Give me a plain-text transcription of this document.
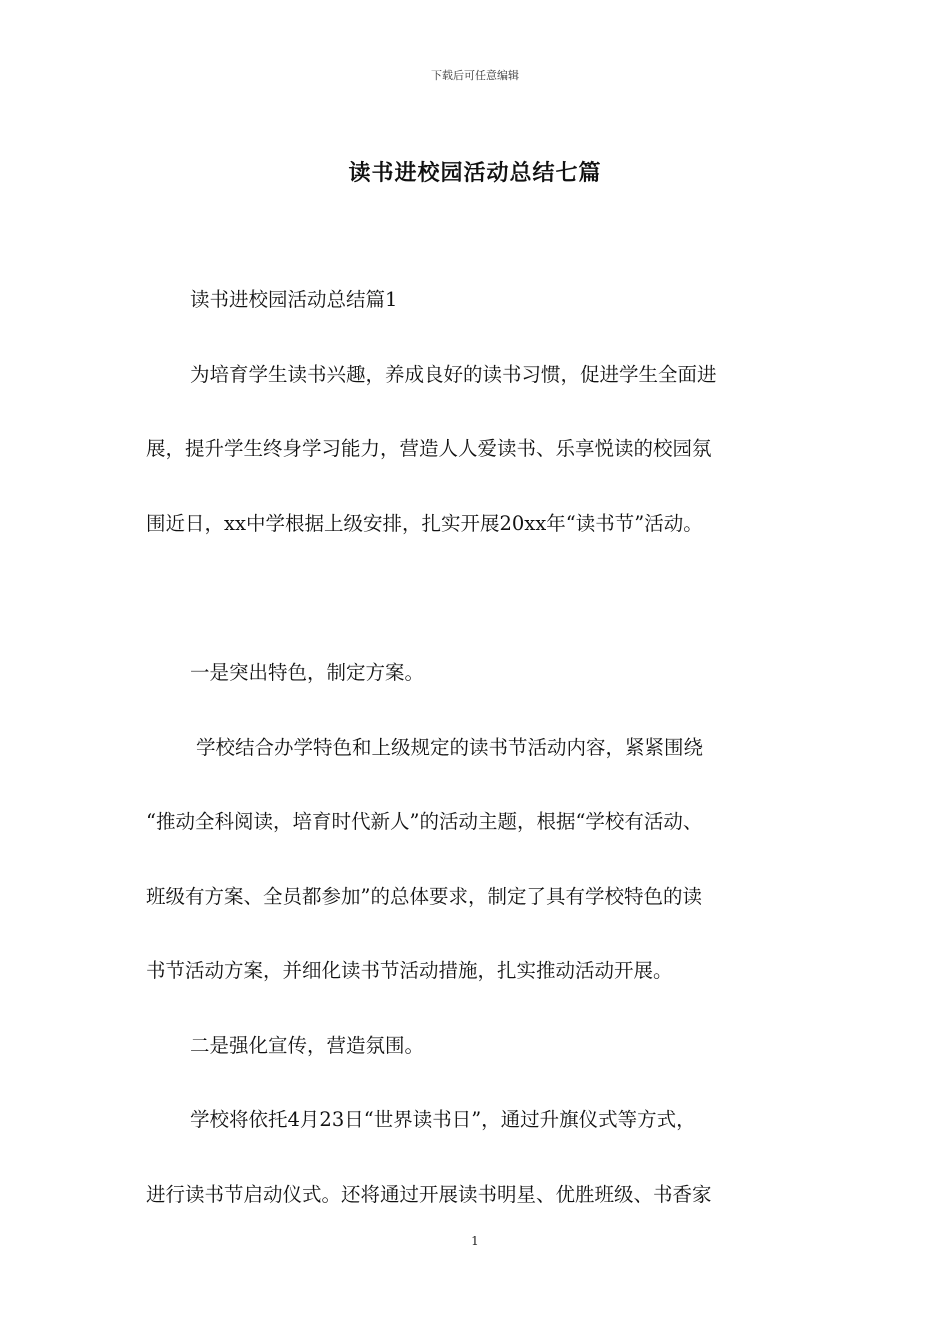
下载后可任意编辑
读书进校园活动总结七篇
读书进校园活动总结篇1
为培育学生读书兴趣，养成良好的读书习惯，促进学生全面进
展，提升学生终身学习能力，营造人人爱读书、乐享悦读的校园氛
围近日，xx中学根据上级安排，扎实开展20xx年“读书节”活动。
一是突出特色，制定方案。
学校结合办学特色和上级规定的读书节活动内容，紧紧围绕
“推动全科阅读，培育时代新人”的活动主题，根据“学校有活动、
班级有方案、全员都参加”的总体要求，制定了具有学校特色的读
书节活动方案，并细化读书节活动措施，扎实推动活动开展。
二是强化宣传，营造氛围。
学校将依托4月23日“世界读书日”，通过升旗仪式等方式，
进行读书节启动仪式。还将通过开展读书明星、优胜班级、书香家
1
